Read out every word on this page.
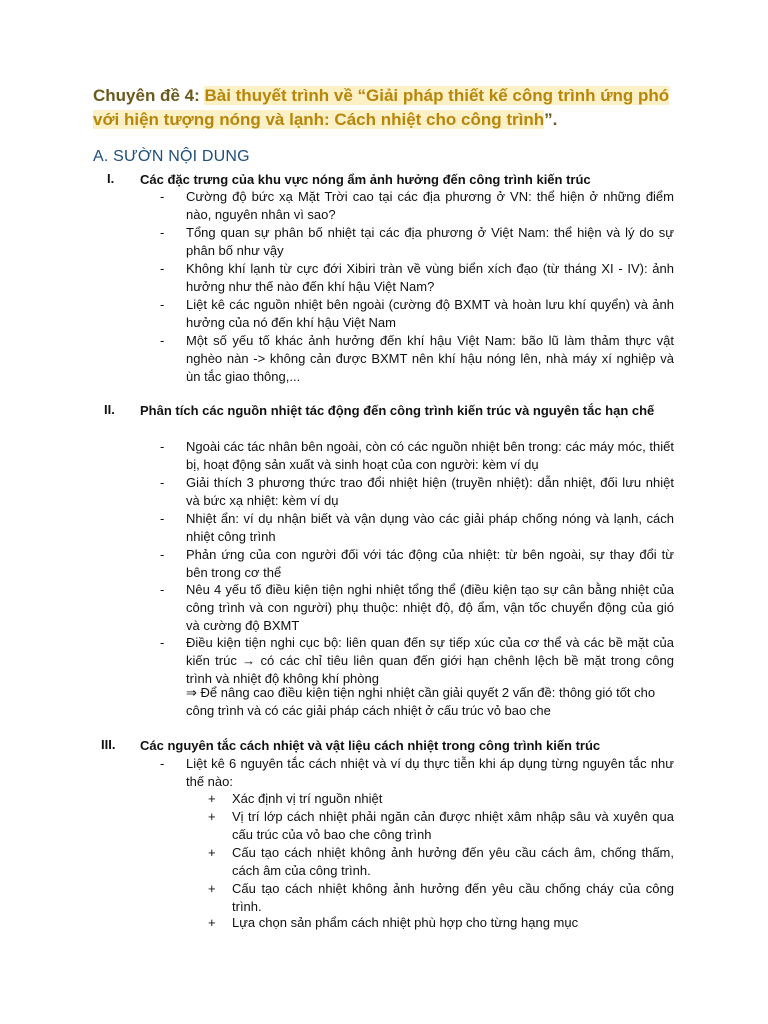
Chuyên đề 4: Bài thuyết trình về “Giải pháp thiết kế công trình ứng phó với hiện tượng nóng và lạnh: Cách nhiệt cho công trình”.
A. SƯỜN NỘI DUNG
I.	Các đặc trưng của khu vực nóng ẩm ảnh hưởng đến công trình kiến trúc
- Cường độ bức xạ Mặt Trời cao tại các địa phương ở VN: thể hiện ở những điểm nào, nguyên nhân vì sao?
- Tổng quan sự phân bố nhiệt tại các địa phương ở Việt Nam: thể hiện và lý do sự phân bố như vậy
- Không khí lạnh từ cực đới Xibiri tràn về vùng biển xích đạo (từ tháng XI - IV): ảnh hưởng như thế nào đến khí hậu Việt Nam?
- Liệt kê các nguồn nhiệt bên ngoài (cường độ BXMT và hoàn lưu khí quyển) và ảnh hưởng của nó đến khí hậu Việt Nam
- Một số yếu tố khác ảnh hưởng đến khí hậu Việt Nam: bão lũ làm thảm thực vật nghèo nàn -> không cản được BXMT nên khí hậu nóng lên, nhà máy xí nghiệp và ùn tắc giao thông,...
II.	Phân tích các nguồn nhiệt tác động đến công trình kiến trúc và nguyên tắc hạn chế
- Ngoài các tác nhân bên ngoài, còn có các nguồn nhiệt bên trong: các máy móc, thiết bị, hoạt động sản xuất và sinh hoạt của con người: kèm ví dụ
- Giải thích 3 phương thức trao đổi nhiệt hiện (truyền nhiệt): dẫn nhiệt, đối lưu nhiệt và bức xạ nhiệt: kèm ví dụ
- Nhiệt ẩn: ví dụ nhận biết và vận dụng vào các giải pháp chống nóng và lạnh, cách nhiệt công trình
- Phản ứng của con người đối với tác động của nhiệt: từ bên ngoài, sự thay đổi từ bên trong cơ thể
- Nêu 4 yếu tố điều kiện tiện nghi nhiệt tổng thể (điều kiện tạo sự cân bằng nhiệt của công trình và con người) phụ thuộc: nhiệt độ, độ ẩm, vận tốc chuyển động của gió và cường độ BXMT
- Điều kiện tiện nghi cục bộ: liên quan đến sự tiếp xúc của cơ thể và các bề mặt của kiến trúc → có các chỉ tiêu liên quan đến giới hạn chênh lệch bề mặt trong công trình và nhiệt độ không khí phòng
⇒ Để nâng cao điều kiện tiện nghi nhiệt cần giải quyết 2 vấn đề: thông gió tốt cho công trình và có các giải pháp cách nhiệt ở cấu trúc vỏ bao che
III.	Các nguyên tắc cách nhiệt và vật liệu cách nhiệt trong công trình kiến trúc
- Liệt kê 6 nguyên tắc cách nhiệt và ví dụ thực tiễn khi áp dụng từng nguyên tắc như thế nào:
+ Xác định vị trí nguồn nhiệt
+ Vị trí lớp cách nhiệt phải ngăn cản được nhiệt xâm nhập sâu và xuyên qua cấu trúc của vỏ bao che công trình
+ Cấu tạo cách nhiệt không ảnh hưởng đến yêu cầu cách âm, chống thấm, cách âm của công trình.
+ Cấu tạo cách nhiệt không ảnh hưởng đến yêu cầu chống cháy của công trình.
+ Lựa chọn sản phẩm cách nhiệt phù hợp cho từng hạng mục
